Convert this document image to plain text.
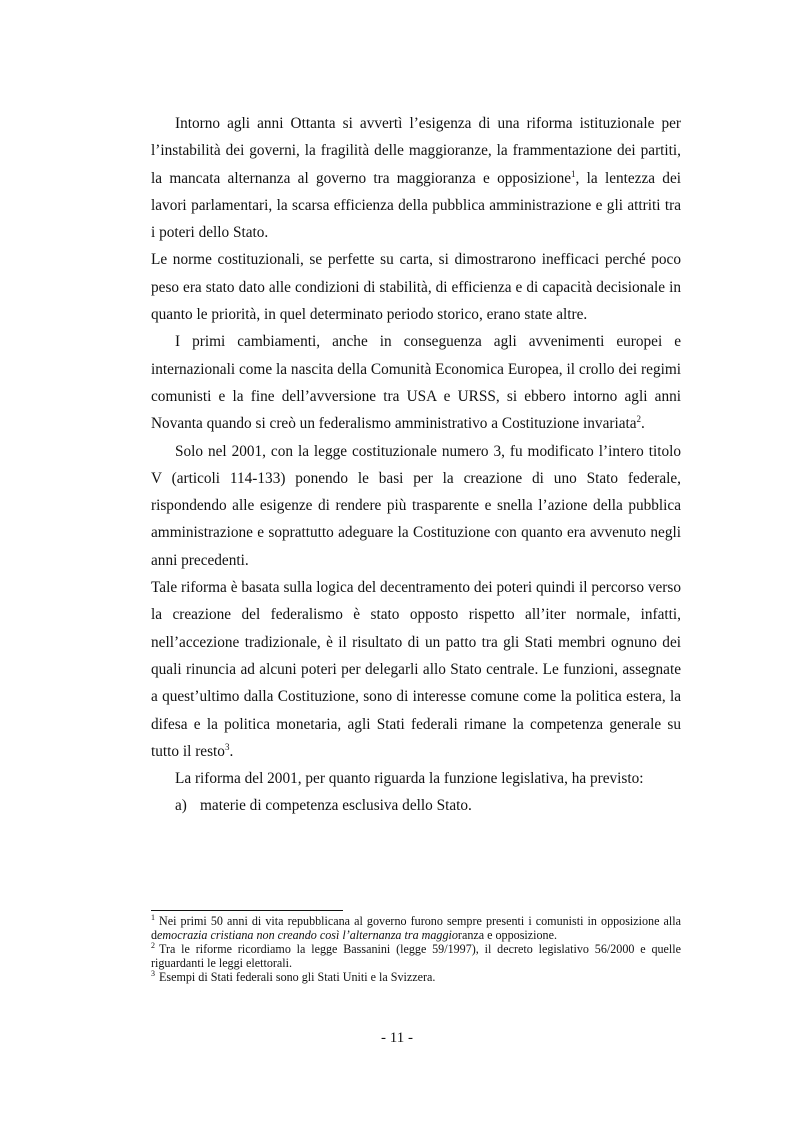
Intorno agli anni Ottanta si avvertì l’esigenza di una riforma istituzionale per l’instabilità dei governi, la fragilità delle maggioranze, la frammentazione dei partiti, la mancata alternanza al governo tra maggioranza e opposizione$^1$, la lentezza dei lavori parlamentari, la scarsa efficienza della pubblica amministrazione e gli attriti tra i poteri dello Stato.

Le norme costituzionali, se perfette su carta, si dimostrarono inefficaci perché poco peso era stato dato alle condizioni di stabilità, di efficienza e di capacità decisionale in quanto le priorità, in quel determinato periodo storico, erano state altre.

I primi cambiamenti, anche in conseguenza agli avvenimenti europei e internazionali come la nascita della Comunità Economica Europea, il crollo dei regimi comunisti e la fine dell’avversione tra USA e URSS, si ebbero intorno agli anni Novanta quando si creò un federalismo amministrativo a Costituzione invariata$^2$.

Solo nel 2001, con la legge costituzionale numero 3, fu modificato l’intero titolo V (articoli 114-133) ponendo le basi per la creazione di uno Stato federale, rispondendo alle esigenze di rendere più trasparente e snella l’azione della pubblica amministrazione e soprattutto adeguare la Costituzione con quanto era avvenuto negli anni precedenti.

Tale riforma è basata sulla logica del decentramento dei poteri quindi il percorso verso la creazione del federalismo è stato opposto rispetto all’iter normale, infatti, nell’accezione tradizionale, è il risultato di un patto tra gli Stati membri ognuno dei quali rinuncia ad alcuni poteri per delegarli allo Stato centrale. Le funzioni, assegnate a quest’ultimo dalla Costituzione, sono di interesse comune come la politica estera, la difesa e la politica monetaria, agli Stati federali rimane la competenza generale su tutto il resto$^3$.

La riforma del 2001, per quanto riguarda la funzione legislativa, ha previsto:

a) materie di competenza esclusiva dello Stato.

$^1$ Nei primi 50 anni di vita repubblicana al governo furono sempre presenti i comunisti in opposizione alla democrazia cristiana non creando così l’alternanza tra maggioranza e opposizione.

$^2$ Tra le riforme ricordiamo la legge Bassanini (legge 59/1997), il decreto legislativo 56/2000 e quelle riguardanti le leggi elettorali.

$^3$ Esempi di Stati federali sono gli Stati Uniti e la Svizzera.

- 11 -
